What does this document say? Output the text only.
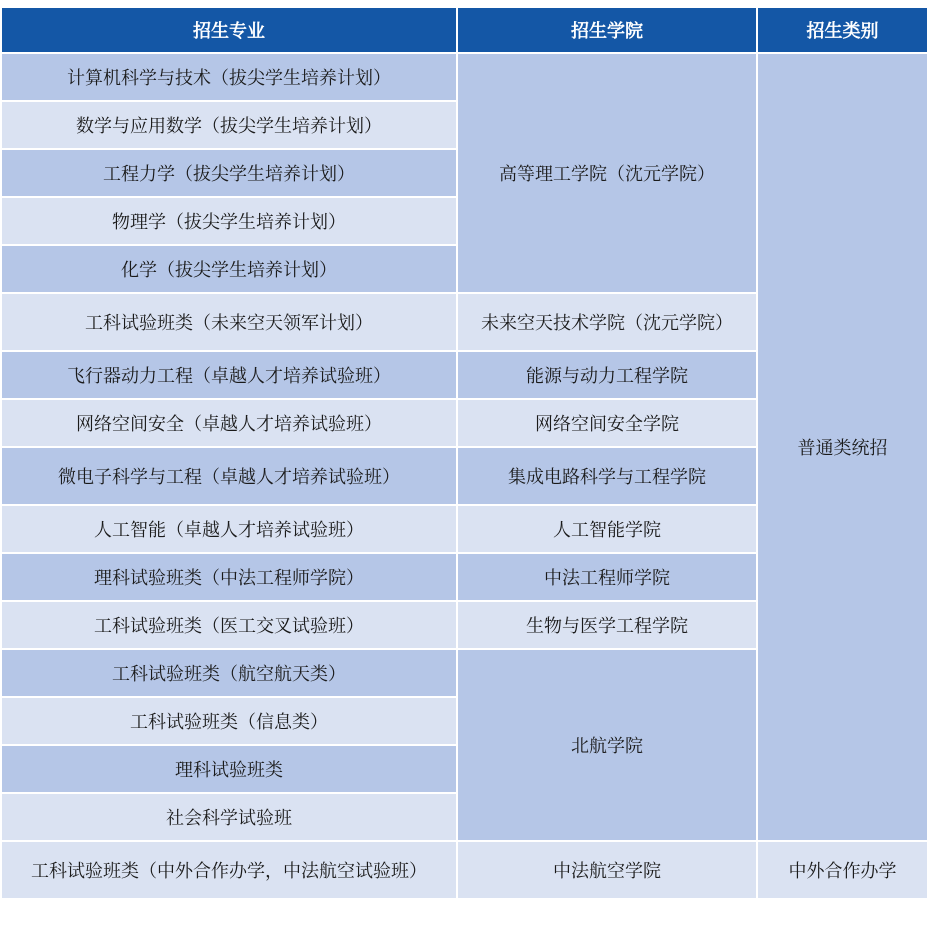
招生专业	招生学院	招生类别
计算机科学与技术（拔尖学生培养计划）	高等理工学院（沈元学院）	普通类统招
数学与应用数学（拔尖学生培养计划）		
工程力学（拔尖学生培养计划）		
物理学（拔尖学生培养计划）		
化学（拔尖学生培养计划）		
工科试验班类（未来空天领军计划）	未来空天技术学院（沈元学院）	
飞行器动力工程（卓越人才培养试验班）	能源与动力工程学院	
网络空间安全（卓越人才培养试验班）	网络空间安全学院	
微电子科学与工程（卓越人才培养试验班）	集成电路科学与工程学院	
人工智能（卓越人才培养试验班）	人工智能学院	
理科试验班类（中法工程师学院）	中法工程师学院	
工科试验班类（医工交叉试验班）	生物与医学工程学院	
工科试验班类（航空航天类）	北航学院	
工科试验班类（信息类）		
理科试验班类		
社会科学试验班		
工科试验班类（中外合作办学，中法航空试验班）	中法航空学院	中外合作办学
